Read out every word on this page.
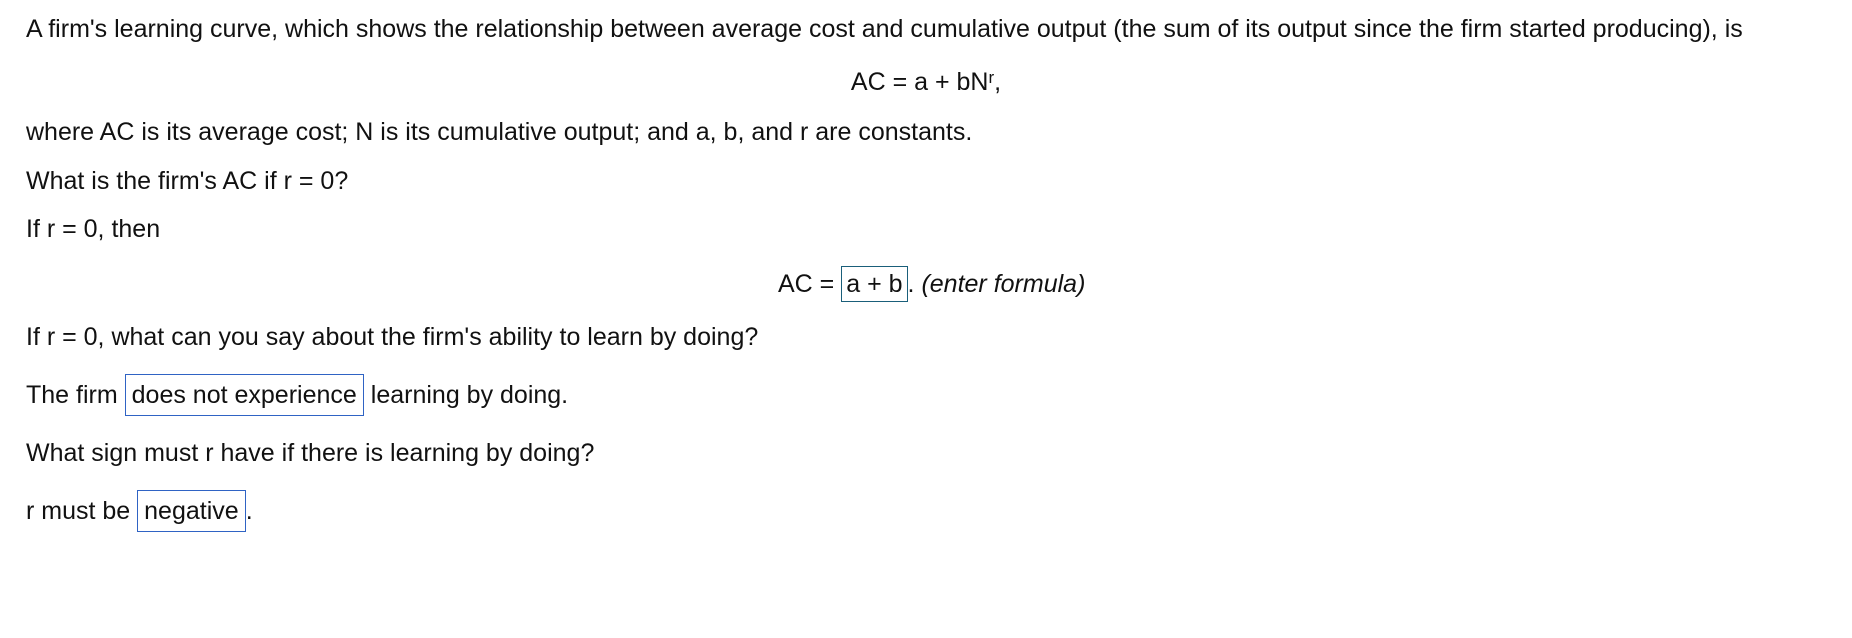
A firm's learning curve, which shows the relationship between average cost and cumulative output (the sum of its output since the firm started producing), is
AC = $a + bN^r$,
where AC is its average cost; N is its cumulative output; and a, b, and r are constants.
What is the firm's AC if r = 0?
If r = 0, then
AC = a + b . (enter formula)
If r = 0, what can you say about the firm's ability to learn by doing?
The firm does not experience learning by doing.
What sign must r have if there is learning by doing?
r must be negative .
